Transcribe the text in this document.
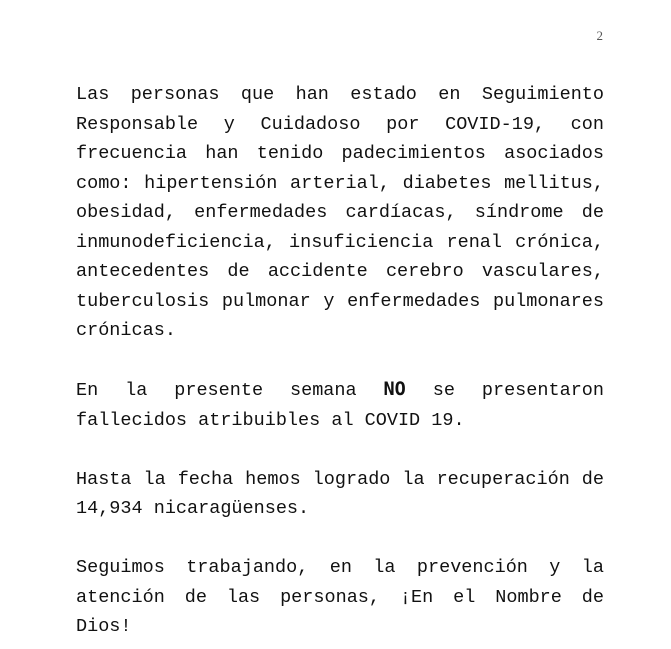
2

Las personas que han estado en Seguimiento Responsable y Cuidadoso por COVID-19, con frecuencia han tenido padecimientos asociados como: hipertensión arterial, diabetes mellitus, obesidad, enfermedades cardíacas, síndrome de inmunodeficiencia, insuficiencia renal crónica, antecedentes de accidente cerebro vasculares, tuberculosis pulmonar y enfermedades pulmonares crónicas.

En la presente semana NO se presentaron fallecidos atribuibles al COVID 19.

Hasta la fecha hemos logrado la recuperación de 14,934 nicaragüenses.

Seguimos trabajando, en la prevención y la atención de las personas, ¡En el Nombre de Dios!
